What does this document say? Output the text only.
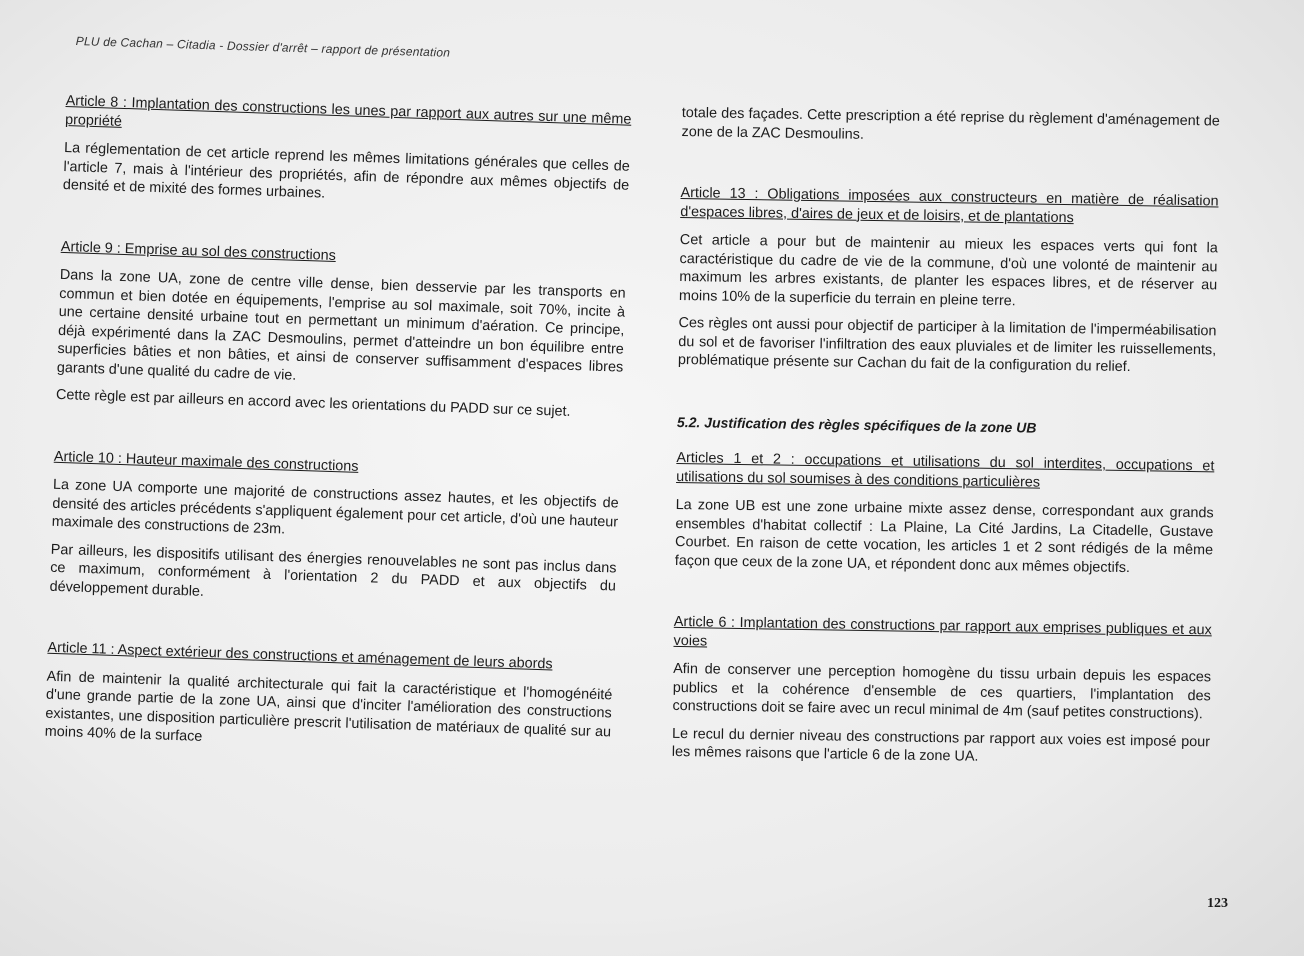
PLU de Cachan – Citadia - Dossier d'arrêt – rapport de présentation

Article 8 : Implantation des constructions les unes par rapport aux autres sur une même propriété

La réglementation de cet article reprend les mêmes limitations générales que celles de l'article 7, mais à l'intérieur des propriétés, afin de répondre aux mêmes objectifs de densité et de mixité des formes urbaines.

Article 9 : Emprise au sol des constructions

Dans la zone UA, zone de centre ville dense, bien desservie par les transports en commun et bien dotée en équipements, l'emprise au sol maximale, soit 70%, incite à une certaine densité urbaine tout en permettant un minimum d'aération. Ce principe, déjà expérimenté dans la ZAC Desmoulins, permet d'atteindre un bon équilibre entre superficies bâties et non bâties, et ainsi de conserver suffisamment d'espaces libres garants d'une qualité du cadre de vie.

Cette règle est par ailleurs en accord avec les orientations du PADD sur ce sujet.

Article 10 : Hauteur maximale des constructions

La zone UA comporte une majorité de constructions assez hautes, et les objectifs de densité des articles précédents s'appliquent également pour cet article, d'où une hauteur maximale des constructions de 23m.

Par ailleurs, les dispositifs utilisant des énergies renouvelables ne sont pas inclus dans ce maximum, conformément à l'orientation 2 du PADD et aux objectifs du développement durable.

Article 11 : Aspect extérieur des constructions et aménagement de leurs abords

Afin de maintenir la qualité architecturale qui fait la caractéristique et l'homogénéité d'une grande partie de la zone UA, ainsi que d'inciter l'amélioration des constructions existantes, une disposition particulière prescrit l'utilisation de matériaux de qualité sur au moins 40% de la surface

totale des façades. Cette prescription a été reprise du règlement d'aménagement de zone de la ZAC Desmoulins.

Article 13 : Obligations imposées aux constructeurs en matière de réalisation d'espaces libres, d'aires de jeux et de loisirs, et de plantations

Cet article a pour but de maintenir au mieux les espaces verts qui font la caractéristique du cadre de vie de la commune, d'où une volonté de maintenir au maximum les arbres existants, de planter les espaces libres, et de réserver au moins 10% de la superficie du terrain en pleine terre.

Ces règles ont aussi pour objectif de participer à la limitation de l'imperméabilisation du sol et de favoriser l'infiltration des eaux pluviales et de limiter les ruissellements, problématique présente sur Cachan du fait de la configuration du relief.

5.2. Justification des règles spécifiques de la zone UB

Articles 1 et 2 : occupations et utilisations du sol interdites, occupations et utilisations du sol soumises à des conditions particulières

La zone UB est une zone urbaine mixte assez dense, correspondant aux grands ensembles d'habitat collectif : La Plaine, La Cité Jardins, La Citadelle, Gustave Courbet. En raison de cette vocation, les articles 1 et 2 sont rédigés de la même façon que ceux de la zone UA, et répondent donc aux mêmes objectifs.

Article 6 : Implantation des constructions par rapport aux emprises publiques et aux voies

Afin de conserver une perception homogène du tissu urbain depuis les espaces publics et la cohérence d'ensemble de ces quartiers, l'implantation des constructions doit se faire avec un recul minimal de 4m (sauf petites constructions).

Le recul du dernier niveau des constructions par rapport aux voies est imposé pour les mêmes raisons que l'article 6 de la zone UA.

123
